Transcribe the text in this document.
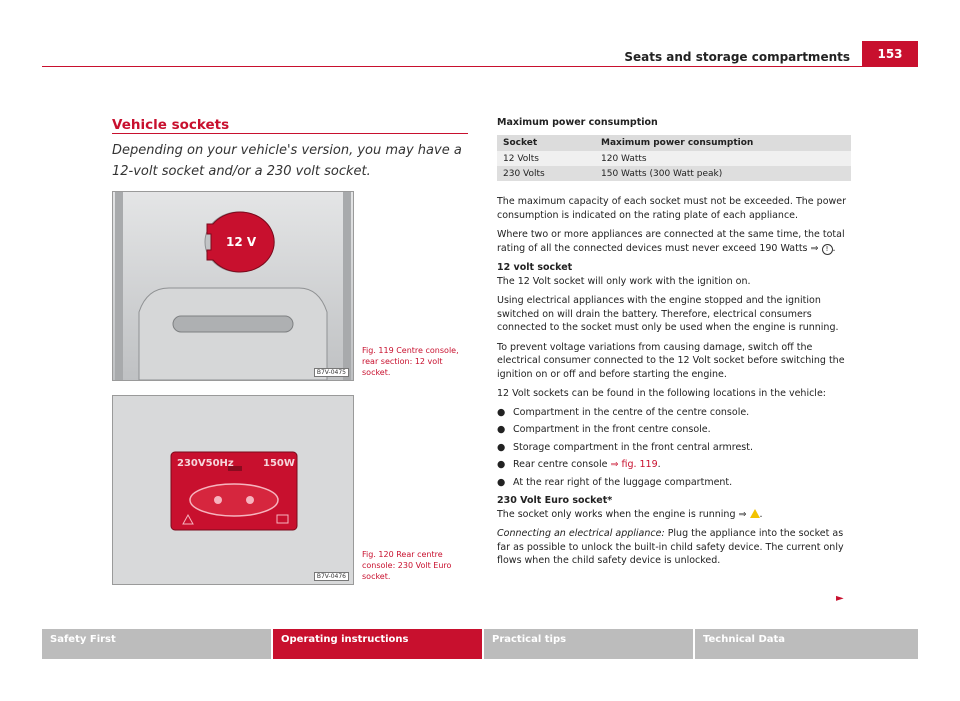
Seats and storage compartments	153
Vehicle sockets
Depending on your vehicle's version, you may have a 12-volt socket and/or a 230 volt socket.
12 V
B7V-0475
Fig. 119 Centre console, rear section: 12 volt socket.
230V50Hz	150W
B7V-0476
Fig. 120 Rear centre console: 230 Volt Euro socket.
Maximum power consumption
Socket	Maximum power consumption
12 Volts	120 Watts
230 Volts	150 Watts (300 Watt peak)

The maximum capacity of each socket must not be exceeded. The power consumption is indicated on the rating plate of each appliance.

Where two or more appliances are connected at the same time, the total rating of all the connected devices must never exceed 190 Watts ⇒ ! .

12 volt socket

The 12 Volt socket will only work with the ignition on.

Using electrical appliances with the engine stopped and the ignition switched on will drain the battery. Therefore, electrical consumers connected to the socket must only be used when the engine is running.

To prevent voltage variations from causing damage, switch off the electrical consumer connected to the 12 Volt socket before switching the ignition on or off and before starting the engine.

12 Volt sockets can be found in the following locations in the vehicle:

● Compartment in the centre of the centre console.
● Compartment in the front centre console.
● Storage compartment in the front central armrest.
● Rear centre console ⇒ fig. 119.
● At the rear right of the luggage compartment.

230 Volt Euro socket*

The socket only works when the engine is running ⇒ .

Connecting an electrical appliance: Plug the appliance into the socket as far as possible to unlock the built-in child safety device. The current only flows when the child safety device is unlocked.

►
Safety First	Operating instructions	Practical tips	Technical Data
